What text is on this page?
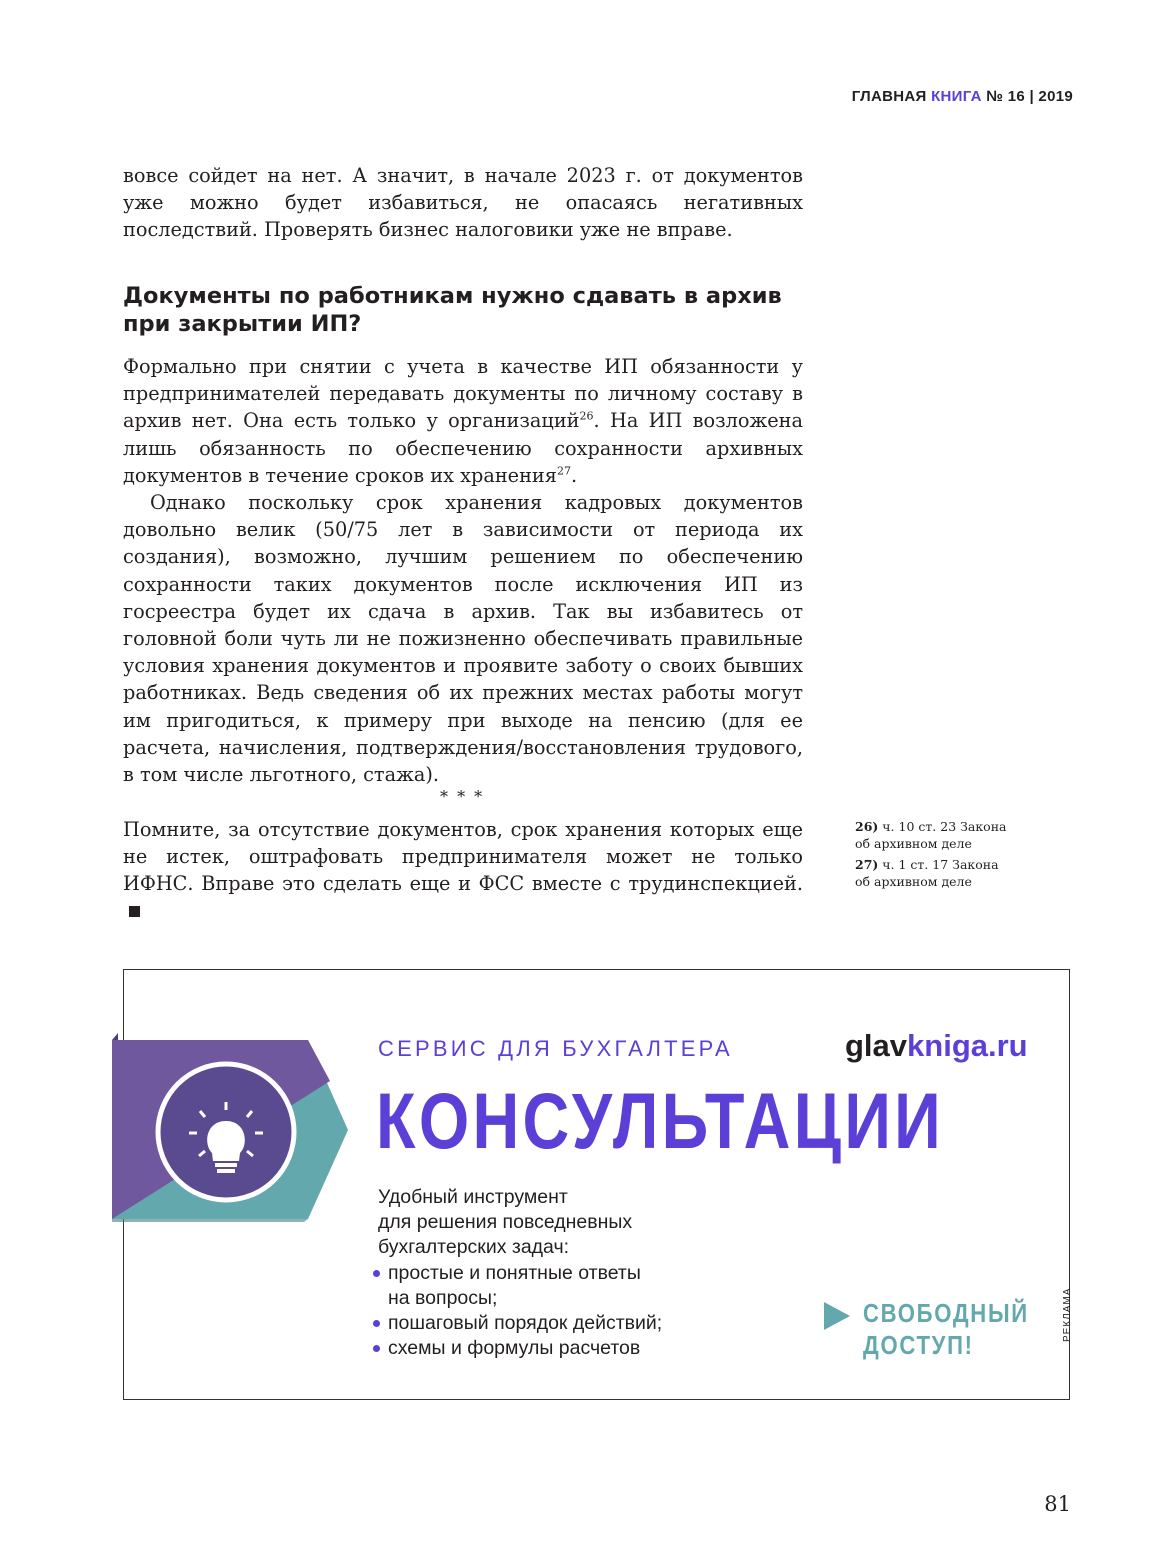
ГЛАВНАЯ КНИГА № 16 | 2019

вовсе сойдет на нет. А значит, в начале 2023 г. от документов уже можно будет избавиться, не опасаясь негативных последствий. Проверять бизнес налоговики уже не вправе.

Документы по работникам нужно сдавать в архив при закрытии ИП?

Формально при снятии с учета в качестве ИП обязанности у предпринимателей передавать документы по личному составу в архив нет. Она есть только у организаций$^{26}$. На ИП возложена лишь обязанность по обеспечению сохранности архивных документов в течение сроков их хранения$^{27}$.

Однако поскольку срок хранения кадровых документов довольно велик (50/75 лет в зависимости от периода их создания), возможно, лучшим решением по обеспечению сохранности таких документов после исключения ИП из госреестра будет их сдача в архив. Так вы избавитесь от головной боли чуть ли не пожизненно обеспечивать правильные условия хранения документов и проявите заботу о своих бывших работниках. Ведь сведения об их прежних местах работы могут им пригодиться, к примеру при выходе на пенсию (для ее расчета, начисления, подтверждения/восстановления трудового, в том числе льготного, стажа).

* * *

Помните, за отсутствие документов, срок хранения которых еще не истек, оштрафовать предпринимателя может не только ИФНС. Вправе это сделать еще и ФСС вместе с трудинспекцией.

26) ч. 10 ст. 23 Закона
об архивном деле
27) ч. 1 ст. 17 Закона
об архивном деле
СЕРВИС ДЛЯ БУХГАЛТЕРА	glavkniga.ru
КОНСУЛЬТАЦИИ
Удобный инструмент
для решения повседневных
бухгалтерских задач:
простые и понятные ответы
на вопросы;
пошаговый порядок действий;
схемы и формулы расчетов
СВОБОДНЫЙ
ДОСТУП!
РЕКЛАМА
81
